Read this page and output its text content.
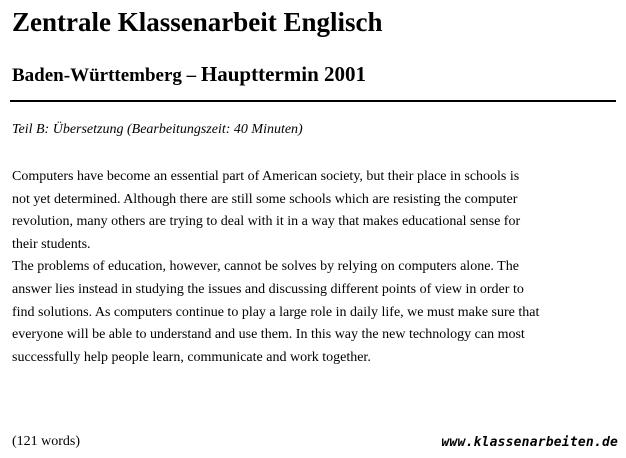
Zentrale Klassenarbeit Englisch
Baden-Württemberg – Haupttermin 2001
Teil B: Übersetzung (Bearbeitungszeit: 40 Minuten)
Computers have become an essential part of American society, but their place in schools is
not yet determined. Although there are still some schools which are resisting the computer
revolution, many others are trying to deal with it in a way that makes educational sense for
their students.
The problems of education, however, cannot be solves by relying on computers alone. The
answer lies instead in studying the issues and discussing different points of view in order to
find solutions. As computers continue to play a large role in daily life, we must make sure that
everyone will be able to understand and use them. In this way the new technology can most
successfully help people learn, communicate and work together.
(121 words)	www.klassenarbeiten.de
